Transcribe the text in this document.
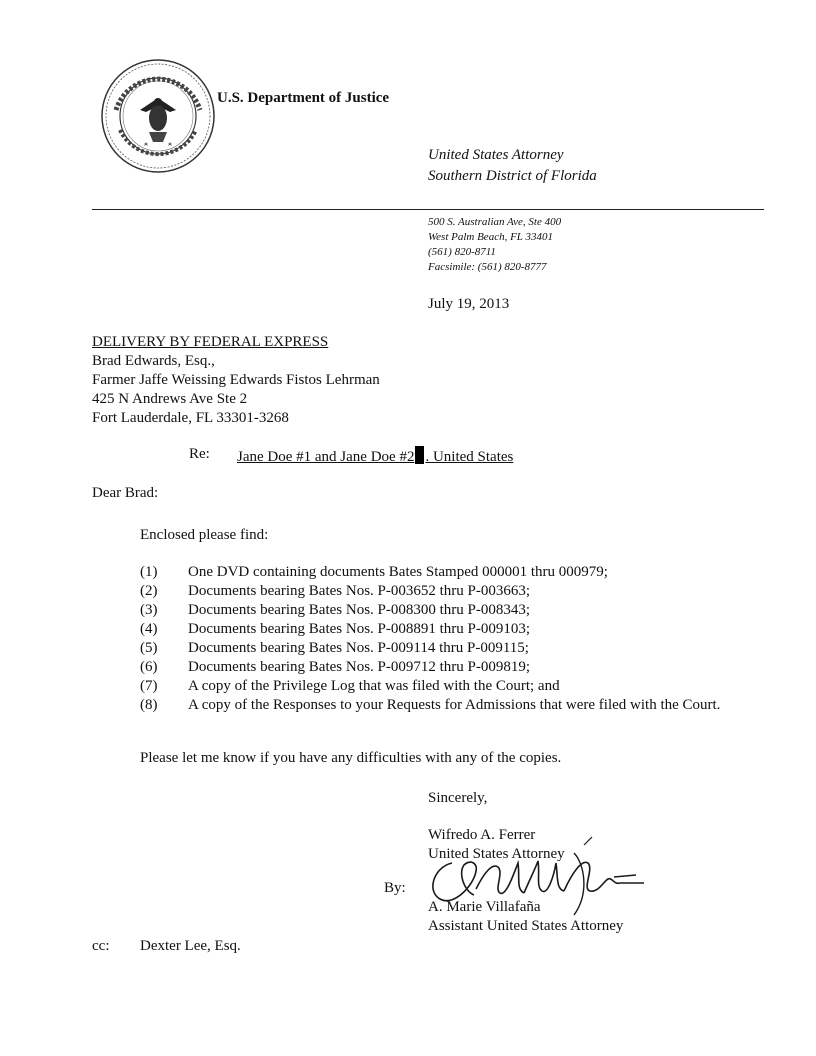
U.S. Department of Justice
United States Attorney
Southern District of Florida
500 S. Australian Ave, Ste 400
West Palm Beach, FL 33401
(561) 820-8711
Facsimile: (561) 820-8777
July 19, 2013
DELIVERY BY FEDERAL EXPRESS
Brad Edwards, Esq.,
Farmer Jaffe Weissing Edwards Fistos Lehrman
425 N Andrews Ave Ste 2
Fort Lauderdale, FL 33301-3268
Re: Jane Doe #1 and Jane Doe #2 . United States
Dear Brad:
Enclosed please find:
(1)	One DVD containing documents Bates Stamped 000001 thru 000979;
(2)	Documents bearing Bates Nos. P-003652 thru P-003663;
(3)	Documents bearing Bates Nos. P-008300 thru P-008343;
(4)	Documents bearing Bates Nos. P-008891 thru P-009103;
(5)	Documents bearing Bates Nos. P-009114 thru P-009115;
(6)	Documents bearing Bates Nos. P-009712 thru P-009819;
(7)	A copy of the Privilege Log that was filed with the Court; and
(8)	A copy of the Responses to your Requests for Admissions that were filed with the Court.
Please let me know if you have any difficulties with any of the copies.
Sincerely,
Wifredo A. Ferrer
United States Attorney
By:
A. Marie Villafaña
Assistant United States Attorney
cc: Dexter Lee, Esq.
